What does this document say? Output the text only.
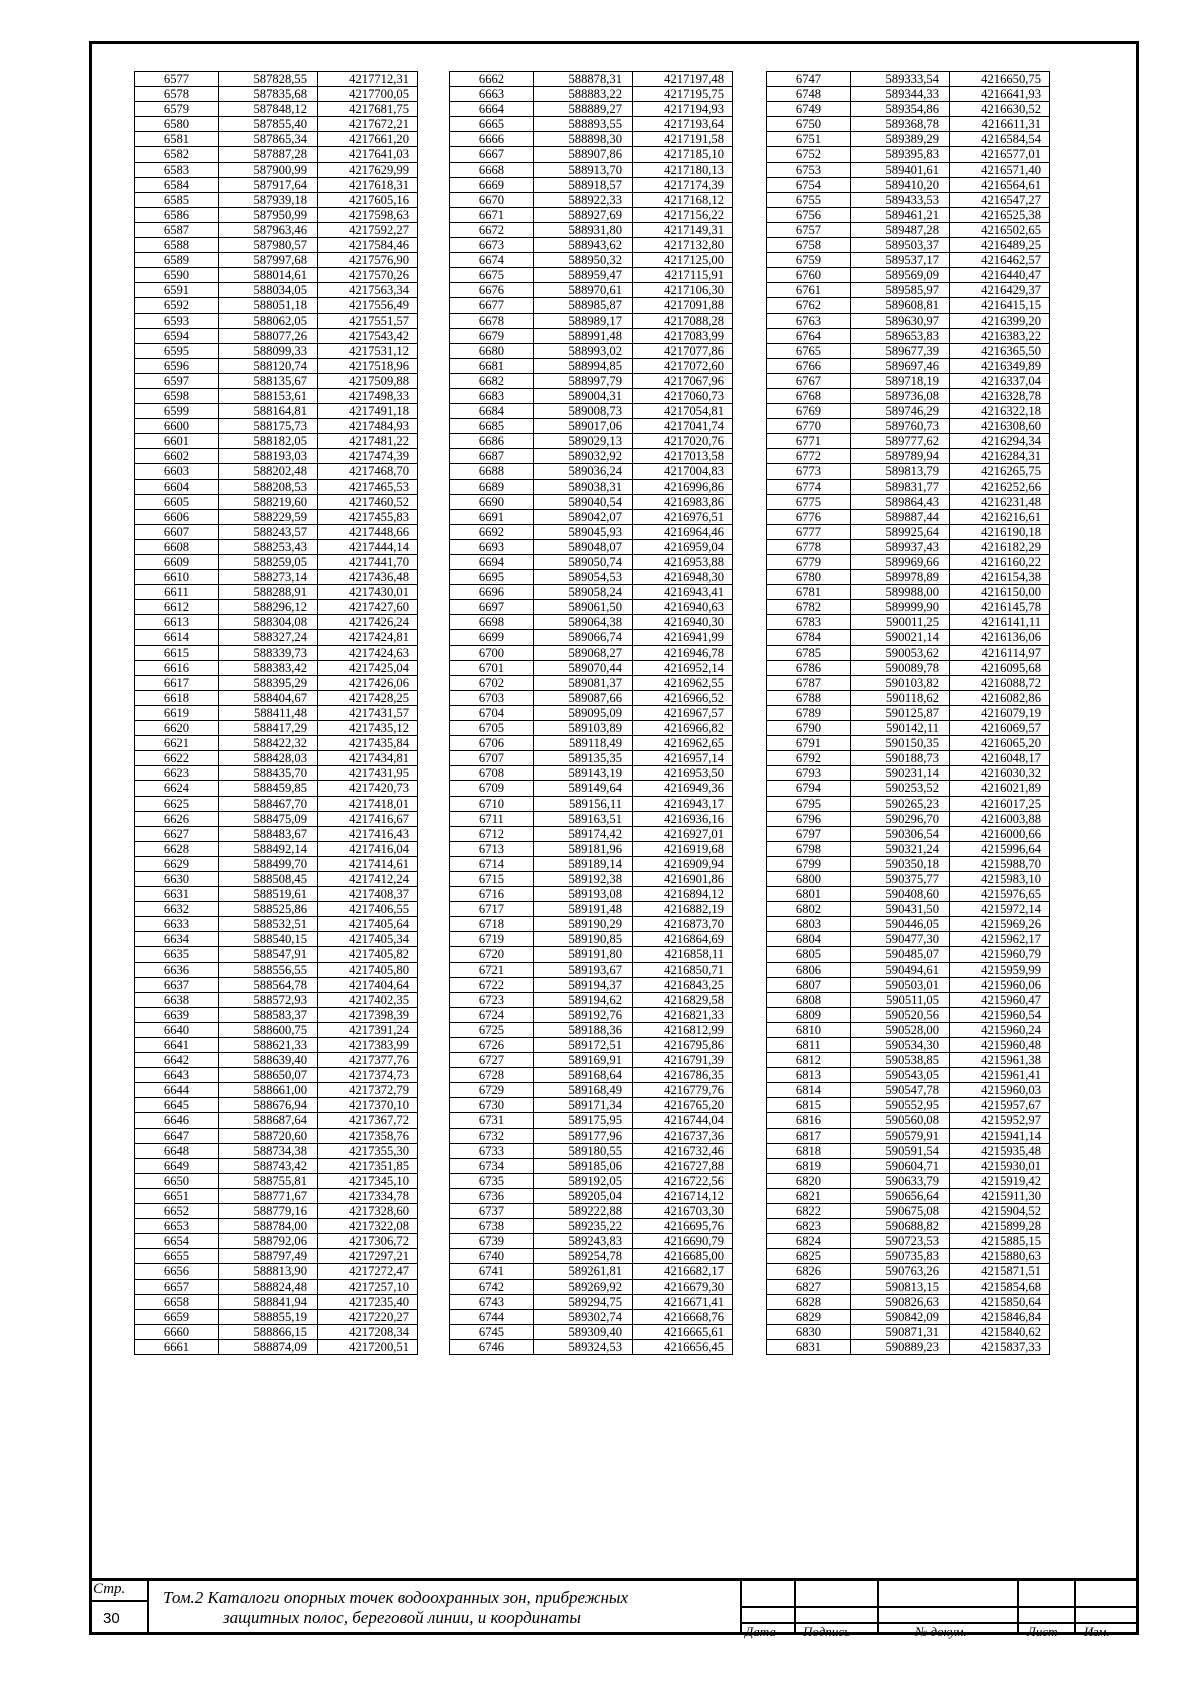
6577	587828,55	4217712,31
6578	587835,68	4217700,05
6579	587848,12	4217681,75
6580	587855,40	4217672,21
6581	587865,34	4217661,20
6582	587887,28	4217641,03
6583	587900,99	4217629,99
6584	587917,64	4217618,31
6585	587939,18	4217605,16
6586	587950,99	4217598,63
6587	587963,46	4217592,27
6588	587980,57	4217584,46
6589	587997,68	4217576,90
6590	588014,61	4217570,26
6591	588034,05	4217563,34
6592	588051,18	4217556,49
6593	588062,05	4217551,57
6594	588077,26	4217543,42
6595	588099,33	4217531,12
6596	588120,74	4217518,96
6597	588135,67	4217509,88
6598	588153,61	4217498,33
6599	588164,81	4217491,18
6600	588175,73	4217484,93
6601	588182,05	4217481,22
6602	588193,03	4217474,39
6603	588202,48	4217468,70
6604	588208,53	4217465,53
6605	588219,60	4217460,52
6606	588229,59	4217455,83
6607	588243,57	4217448,66
6608	588253,43	4217444,14
6609	588259,05	4217441,70
6610	588273,14	4217436,48
6611	588288,91	4217430,01
6612	588296,12	4217427,60
6613	588304,08	4217426,24
6614	588327,24	4217424,81
6615	588339,73	4217424,63
6616	588383,42	4217425,04
6617	588395,29	4217426,06
6618	588404,67	4217428,25
6619	588411,48	4217431,57
6620	588417,29	4217435,12
6621	588422,32	4217435,84
6622	588428,03	4217434,81
6623	588435,70	4217431,95
6624	588459,85	4217420,73
6625	588467,70	4217418,01
6626	588475,09	4217416,67
6627	588483,67	4217416,43
6628	588492,14	4217416,04
6629	588499,70	4217414,61
6630	588508,45	4217412,24
6631	588519,61	4217408,37
6632	588525,86	4217406,55
6633	588532,51	4217405,64
6634	588540,15	4217405,34
6635	588547,91	4217405,82
6636	588556,55	4217405,80
6637	588564,78	4217404,64
6638	588572,93	4217402,35
6639	588583,37	4217398,39
6640	588600,75	4217391,24
6641	588621,33	4217383,99
6642	588639,40	4217377,76
6643	588650,07	4217374,73
6644	588661,00	4217372,79
6645	588676,94	4217370,10
6646	588687,64	4217367,72
6647	588720,60	4217358,76
6648	588734,38	4217355,30
6649	588743,42	4217351,85
6650	588755,81	4217345,10
6651	588771,67	4217334,78
6652	588779,16	4217328,60
6653	588784,00	4217322,08
6654	588792,06	4217306,72
6655	588797,49	4217297,21
6656	588813,90	4217272,47
6657	588824,48	4217257,10
6658	588841,94	4217235,40
6659	588855,19	4217220,27
6660	588866,15	4217208,34
6661	588874,09	4217200,51
6662	588878,31	4217197,48
6663	588883,22	4217195,75
6664	588889,27	4217194,93
6665	588893,55	4217193,64
6666	588898,30	4217191,58
6667	588907,86	4217185,10
6668	588913,70	4217180,13
6669	588918,57	4217174,39
6670	588922,33	4217168,12
6671	588927,69	4217156,22
6672	588931,80	4217149,31
6673	588943,62	4217132,80
6674	588950,32	4217125,00
6675	588959,47	4217115,91
6676	588970,61	4217106,30
6677	588985,87	4217091,88
6678	588989,17	4217088,28
6679	588991,48	4217083,99
6680	588993,02	4217077,86
6681	588994,85	4217072,60
6682	588997,79	4217067,96
6683	589004,31	4217060,73
6684	589008,73	4217054,81
6685	589017,06	4217041,74
6686	589029,13	4217020,76
6687	589032,92	4217013,58
6688	589036,24	4217004,83
6689	589038,31	4216996,86
6690	589040,54	4216983,86
6691	589042,07	4216976,51
6692	589045,93	4216964,46
6693	589048,07	4216959,04
6694	589050,74	4216953,88
6695	589054,53	4216948,30
6696	589058,24	4216943,41
6697	589061,50	4216940,63
6698	589064,38	4216940,30
6699	589066,74	4216941,99
6700	589068,27	4216946,78
6701	589070,44	4216952,14
6702	589081,37	4216962,55
6703	589087,66	4216966,52
6704	589095,09	4216967,57
6705	589103,89	4216966,82
6706	589118,49	4216962,65
6707	589135,35	4216957,14
6708	589143,19	4216953,50
6709	589149,64	4216949,36
6710	589156,11	4216943,17
6711	589163,51	4216936,16
6712	589174,42	4216927,01
6713	589181,96	4216919,68
6714	589189,14	4216909,94
6715	589192,38	4216901,86
6716	589193,08	4216894,12
6717	589191,48	4216882,19
6718	589190,29	4216873,70
6719	589190,85	4216864,69
6720	589191,80	4216858,11
6721	589193,67	4216850,71
6722	589194,37	4216843,25
6723	589194,62	4216829,58
6724	589192,76	4216821,33
6725	589188,36	4216812,99
6726	589172,51	4216795,86
6727	589169,91	4216791,39
6728	589168,64	4216786,35
6729	589168,49	4216779,76
6730	589171,34	4216765,20
6731	589175,95	4216744,04
6732	589177,96	4216737,36
6733	589180,55	4216732,46
6734	589185,06	4216727,88
6735	589192,05	4216722,56
6736	589205,04	4216714,12
6737	589222,88	4216703,30
6738	589235,22	4216695,76
6739	589243,83	4216690,79
6740	589254,78	4216685,00
6741	589261,81	4216682,17
6742	589269,92	4216679,30
6743	589294,75	4216671,41
6744	589302,74	4216668,76
6745	589309,40	4216665,61
6746	589324,53	4216656,45
6747	589333,54	4216650,75
6748	589344,33	4216641,93
6749	589354,86	4216630,52
6750	589368,78	4216611,31
6751	589389,29	4216584,54
6752	589395,83	4216577,01
6753	589401,61	4216571,40
6754	589410,20	4216564,61
6755	589433,53	4216547,27
6756	589461,21	4216525,38
6757	589487,28	4216502,65
6758	589503,37	4216489,25
6759	589537,17	4216462,57
6760	589569,09	4216440,47
6761	589585,97	4216429,37
6762	589608,81	4216415,15
6763	589630,97	4216399,20
6764	589653,83	4216383,22
6765	589677,39	4216365,50
6766	589697,46	4216349,89
6767	589718,19	4216337,04
6768	589736,08	4216328,78
6769	589746,29	4216322,18
6770	589760,73	4216308,60
6771	589777,62	4216294,34
6772	589789,94	4216284,31
6773	589813,79	4216265,75
6774	589831,77	4216252,66
6775	589864,43	4216231,48
6776	589887,44	4216216,61
6777	589925,64	4216190,18
6778	589937,43	4216182,29
6779	589969,66	4216160,22
6780	589978,89	4216154,38
6781	589988,00	4216150,00
6782	589999,90	4216145,78
6783	590011,25	4216141,11
6784	590021,14	4216136,06
6785	590053,62	4216114,97
6786	590089,78	4216095,68
6787	590103,82	4216088,72
6788	590118,62	4216082,86
6789	590125,87	4216079,19
6790	590142,11	4216069,57
6791	590150,35	4216065,20
6792	590188,73	4216048,17
6793	590231,14	4216030,32
6794	590253,52	4216021,89
6795	590265,23	4216017,25
6796	590296,70	4216003,88
6797	590306,54	4216000,66
6798	590321,24	4215996,64
6799	590350,18	4215988,70
6800	590375,77	4215983,10
6801	590408,60	4215976,65
6802	590431,50	4215972,14
6803	590446,05	4215969,26
6804	590477,30	4215962,17
6805	590485,07	4215960,79
6806	590494,61	4215959,99
6807	590503,01	4215960,06
6808	590511,05	4215960,47
6809	590520,56	4215960,54
6810	590528,00	4215960,24
6811	590534,30	4215960,48
6812	590538,85	4215961,38
6813	590543,05	4215961,41
6814	590547,78	4215960,03
6815	590552,95	4215957,67
6816	590560,08	4215952,97
6817	590579,91	4215941,14
6818	590591,54	4215935,48
6819	590604,71	4215930,01
6820	590633,79	4215919,42
6821	590656,64	4215911,30
6822	590675,08	4215904,52
6823	590688,82	4215899,28
6824	590723,53	4215885,15
6825	590735,83	4215880,63
6826	590763,26	4215871,51
6827	590813,15	4215854,68
6828	590826,63	4215850,64
6829	590842,09	4215846,84
6830	590871,31	4215840,62
6831	590889,23	4215837,33
Стр.
30
Том.2 Каталоги опорных точек водоохранных зон, прибрежных
защитных полос, береговой линии, и координаты
Дата Подпись	№ докум.	Лист Изм.
